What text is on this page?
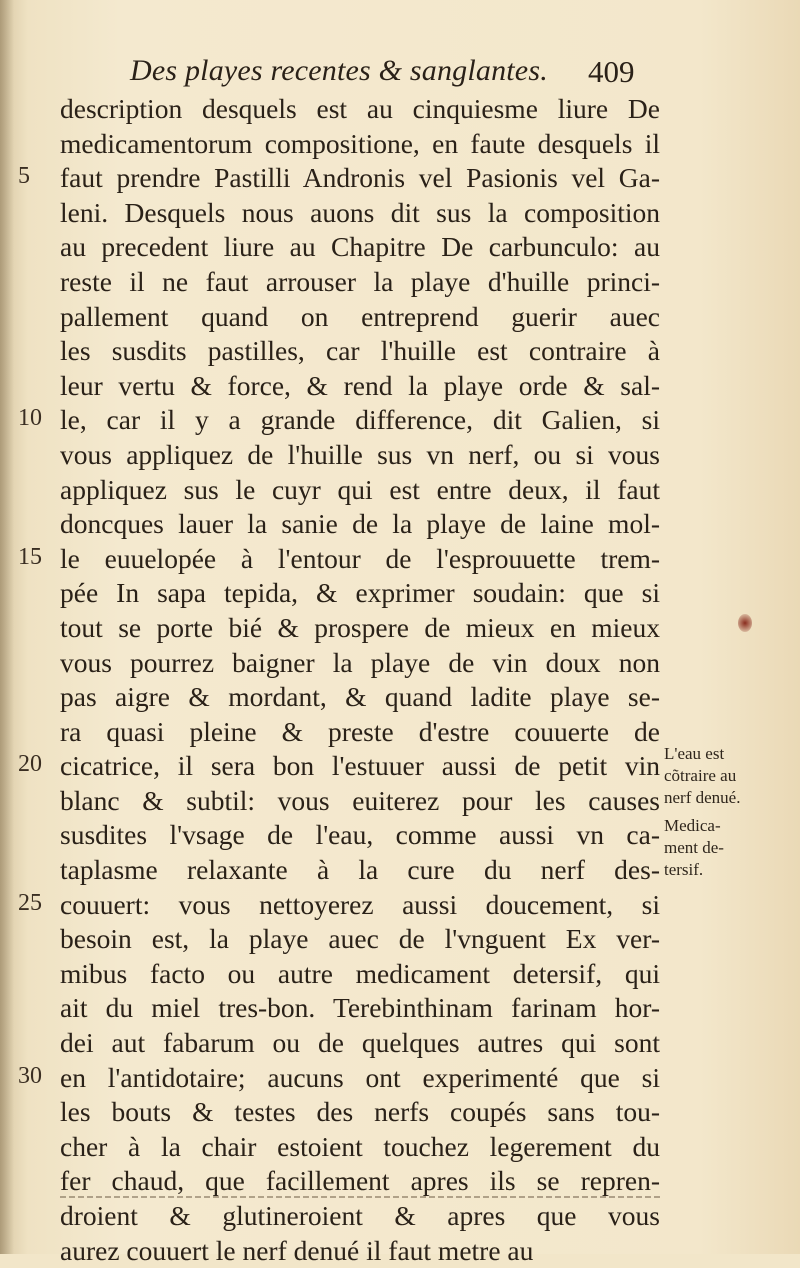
Des playes recentes & sanglantes. 409
5
10
15
20
25
30
description desquels est au cinquiesme liure De
medicamentorum compositione, en faute desquels il
faut prendre Pastilli Andronis vel Pasionis vel Ga-
leni. Desquels nous auons dit sus la composition
au precedent liure au Chapitre De carbunculo: au
reste il ne faut arrouser la playe d'huille princi-
pallement quand on entreprend guerir auec
les susdits pastilles, car l'huille est contraire à
leur vertu & force, & rend la playe orde & sal-
le, car il y a grande difference, dit Galien, si
vous appliquez de l'huille sus vn nerf, ou si vous
appliquez sus le cuyr qui est entre deux, il faut
doncques lauer la sanie de la playe de laine mol-
le euuelopée à l'entour de l'esprouuette trem-
pée In sapa tepida, & exprimer soudain: que si
tout se porte bié & prospere de mieux en mieux
vous pourrez baigner la playe de vin doux non
pas aigre & mordant, & quand ladite playe se-
ra quasi pleine & preste d'estre couuerte de
cicatrice, il sera bon l'estuuer aussi de petit vin
blanc & subtil: vous euiterez pour les causes
susdites l'vsage de l'eau, comme aussi vn ca-
taplasme relaxante à la cure du nerf des-
couuert: vous nettoyerez aussi doucement, si
besoin est, la playe auec de l'vnguent Ex ver-
mibus facto ou autre medicament detersif, qui
ait du miel tres-bon. Terebinthinam farinam hor-
dei aut fabarum ou de quelques autres qui sont
en l'antidotaire; aucuns ont experimenté que si
les bouts & testes des nerfs coupés sans tou-
cher à la chair estoient touchez legerement du
fer chaud, que facillement apres ils se repren-
droient & glutineroient & apres que vous
aurez couuert le nerf denué il faut metre au
L'eau est
cõtraire au
nerf denué.
Medica-
ment de-
tersif.
